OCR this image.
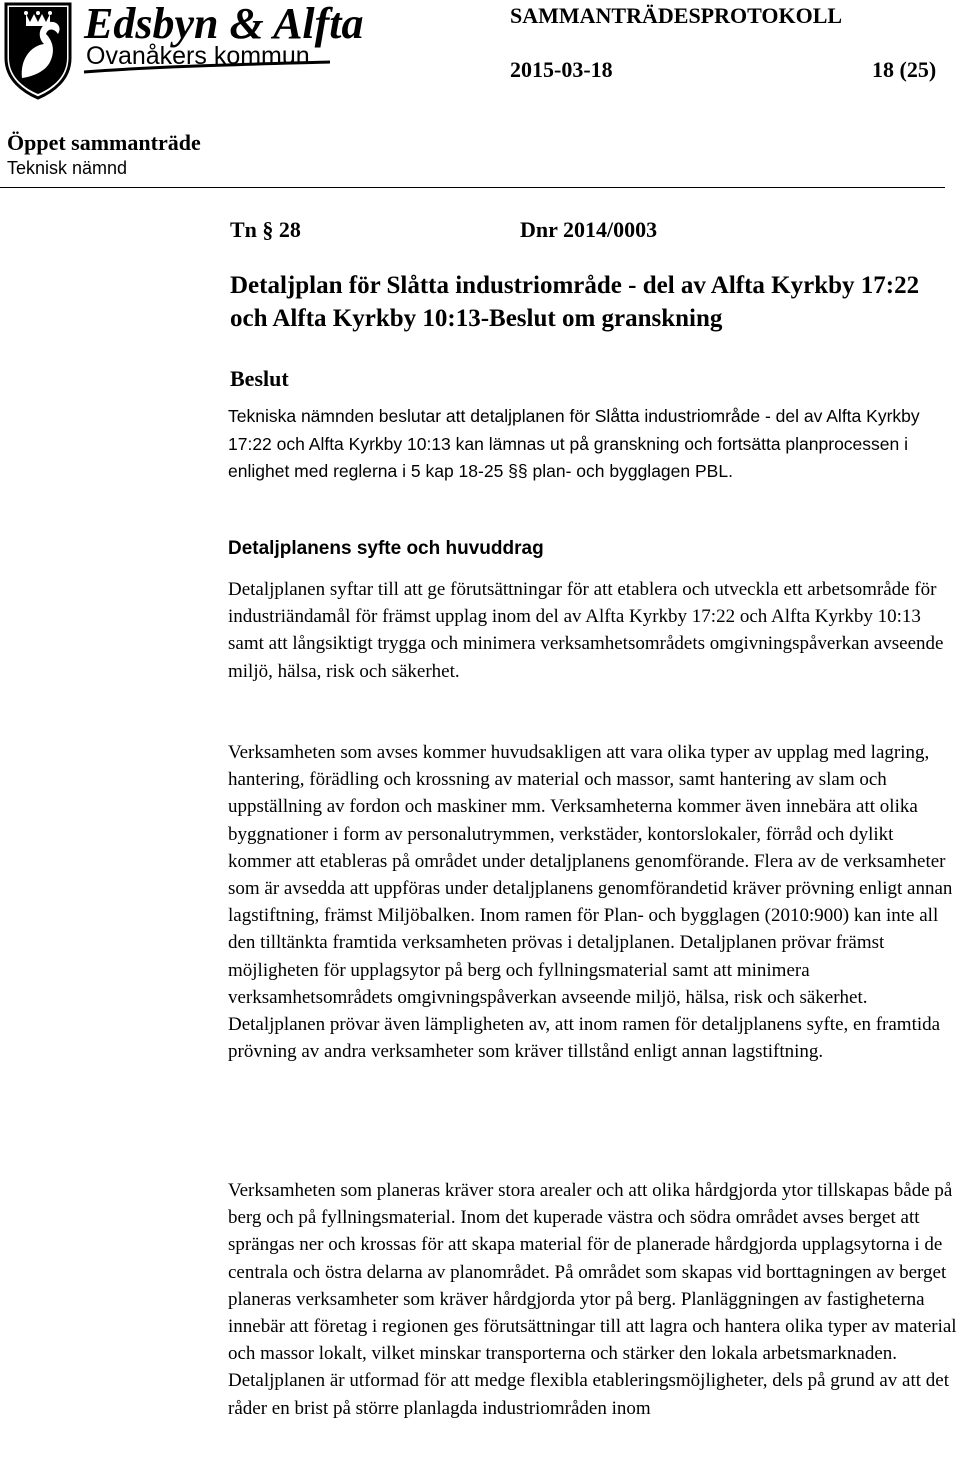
Edsbyn & Alfta
Ovanåkers kommun
SAMMANTRÄDESPROTOKOLL
2015-03-18	18 (25)
Öppet sammanträde
Teknisk nämnd
Tn § 28	Dnr 2014/0003
Detaljplan för Slåtta industriområde - del av Alfta Kyrkby 17:22 och Alfta Kyrkby 10:13-Beslut om granskning
Beslut
Tekniska nämnden beslutar att detaljplanen för Slåtta industriområde - del av Alfta Kyrkby 17:22 och Alfta Kyrkby 10:13 kan lämnas ut på granskning och fortsätta planprocessen i enlighet med reglerna i 5 kap 18-25 §§ plan- och bygglagen PBL.
Detaljplanens syfte och huvuddrag

Detaljplanen syftar till att ge förutsättningar för att etablera och utveckla ett arbetsområde för industriändamål för främst upplag inom del av Alfta Kyrkby 17:22 och Alfta Kyrkby 10:13 samt att långsiktigt trygga och minimera verksamhetsområdets omgivningspåverkan avseende miljö, hälsa, risk och säkerhet.

Verksamheten som avses kommer huvudsakligen att vara olika typer av upplag med lagring, hantering, förädling och krossning av material och massor, samt hantering av slam och uppställning av fordon och maskiner mm. Verksamheterna kommer även innebära att olika byggnationer i form av personalutrymmen, verkstäder, kontorslokaler, förråd och dylikt kommer att etableras på området under detaljplanens genomförande. Flera av de verksamheter som är avsedda att uppföras under detaljplanens genomförandetid kräver prövning enligt annan lagstiftning, främst Miljöbalken. Inom ramen för Plan- och bygglagen (2010:900) kan inte all den tilltänkta framtida verksamheten prövas i detaljplanen. Detaljplanen prövar främst möjligheten för upplagsytor på berg och fyllningsmaterial samt att minimera verksamhetsområdets omgivningspåverkan avseende miljö, hälsa, risk och säkerhet. Detaljplanen prövar även lämpligheten av, att inom ramen för detaljplanens syfte, en framtida prövning av andra verksamheter som kräver tillstånd enligt annan lagstiftning.

Verksamheten som planeras kräver stora arealer och att olika hårdgjorda ytor tillskapas både på berg och på fyllningsmaterial. Inom det kuperade västra och södra området avses berget att sprängas ner och krossas för att skapa material för de planerade hårdgjorda upplagsytorna i de centrala och östra delarna av planområdet. På området som skapas vid borttagningen av berget planeras verksamheter som kräver hårdgjorda ytor på berg. Planläggningen av fastigheterna innebär att företag i regionen ges förutsättningar till att lagra och hantera olika typer av material och massor lokalt, vilket minskar transporterna och stärker den lokala arbetsmarknaden. Detaljplanen är utformad för att medge flexibla etableringsmöjligheter, dels på grund av att det råder en brist på större planlagda industriområden inom
